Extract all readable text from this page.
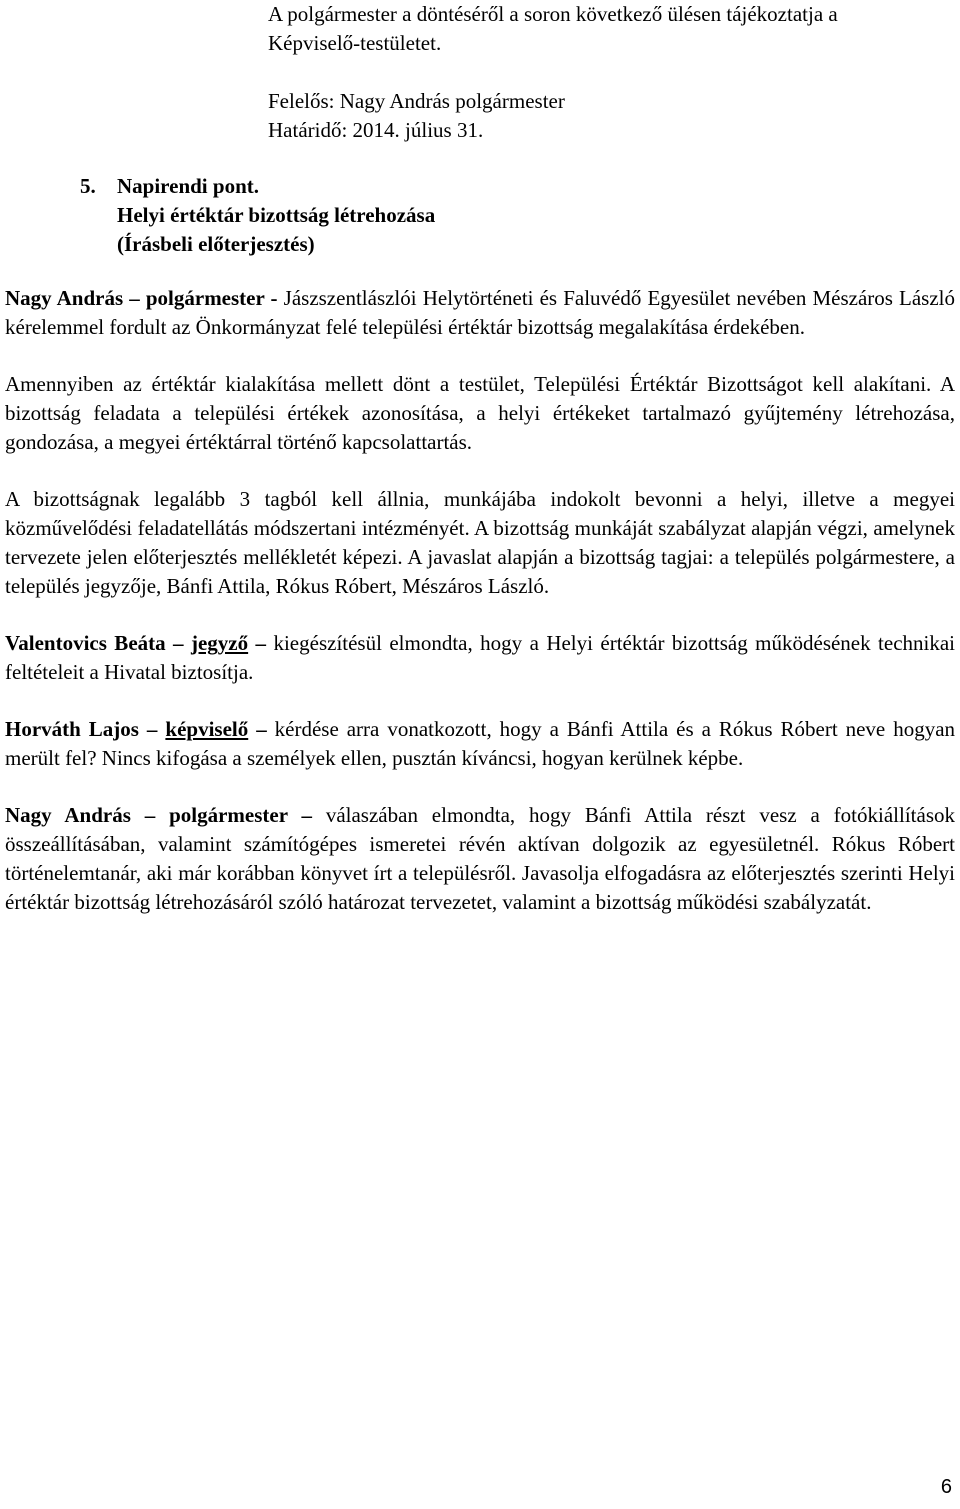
A polgármester a döntéséről a soron következő ülésen tájékoztatja a

Képviselő-testületet.

Felelős: Nagy András polgármester

Határidő: 2014. július 31.

5.	Napirendi pont.
Helyi értéktár bizottság létrehozása
(Írásbeli előterjesztés)

Nagy András – polgármester - Jászszentlászlói Helytörténeti és Faluvédő Egyesület nevében Mészáros László kérelemmel fordult az Önkormányzat felé települési értéktár bizottság megalakítása érdekében.

Amennyiben az értéktár kialakítása mellett dönt a testület, Települési Értéktár Bizottságot kell alakítani. A bizottság feladata a települési értékek azonosítása, a helyi értékeket tartalmazó gyűjtemény létrehozása, gondozása, a megyei értéktárral történő kapcsolattartás.

A bizottságnak legalább 3 tagból kell állnia, munkájába indokolt bevonni a helyi, illetve a megyei közművelődési feladatellátás módszertani intézményét. A bizottság munkáját szabályzat alapján végzi, amelynek tervezete jelen előterjesztés mellékletét képezi. A javaslat alapján a bizottság tagjai: a település polgármestere, a település jegyzője, Bánfi Attila, Rókus Róbert, Mészáros László.

Valentovics Beáta – jegyző – kiegészítésül elmondta, hogy a Helyi értéktár bizottság működésének technikai feltételeit a Hivatal biztosítja.

Horváth Lajos – képviselő – kérdése arra vonatkozott, hogy a Bánfi Attila és a Rókus Róbert neve hogyan merült fel? Nincs kifogása a személyek ellen, pusztán kíváncsi, hogyan kerülnek képbe.

Nagy András – polgármester – válaszában elmondta, hogy Bánfi Attila részt vesz a fotókiállítások összeállításában, valamint számítógépes ismeretei révén aktívan dolgozik az egyesületnél. Rókus Róbert történelemtanár, aki már korábban könyvet írt a településről. Javasolja elfogadásra az előterjesztés szerinti Helyi értéktár bizottság létrehozásáról szóló határozat tervezetet, valamint a bizottság működési szabályzatát.

6
